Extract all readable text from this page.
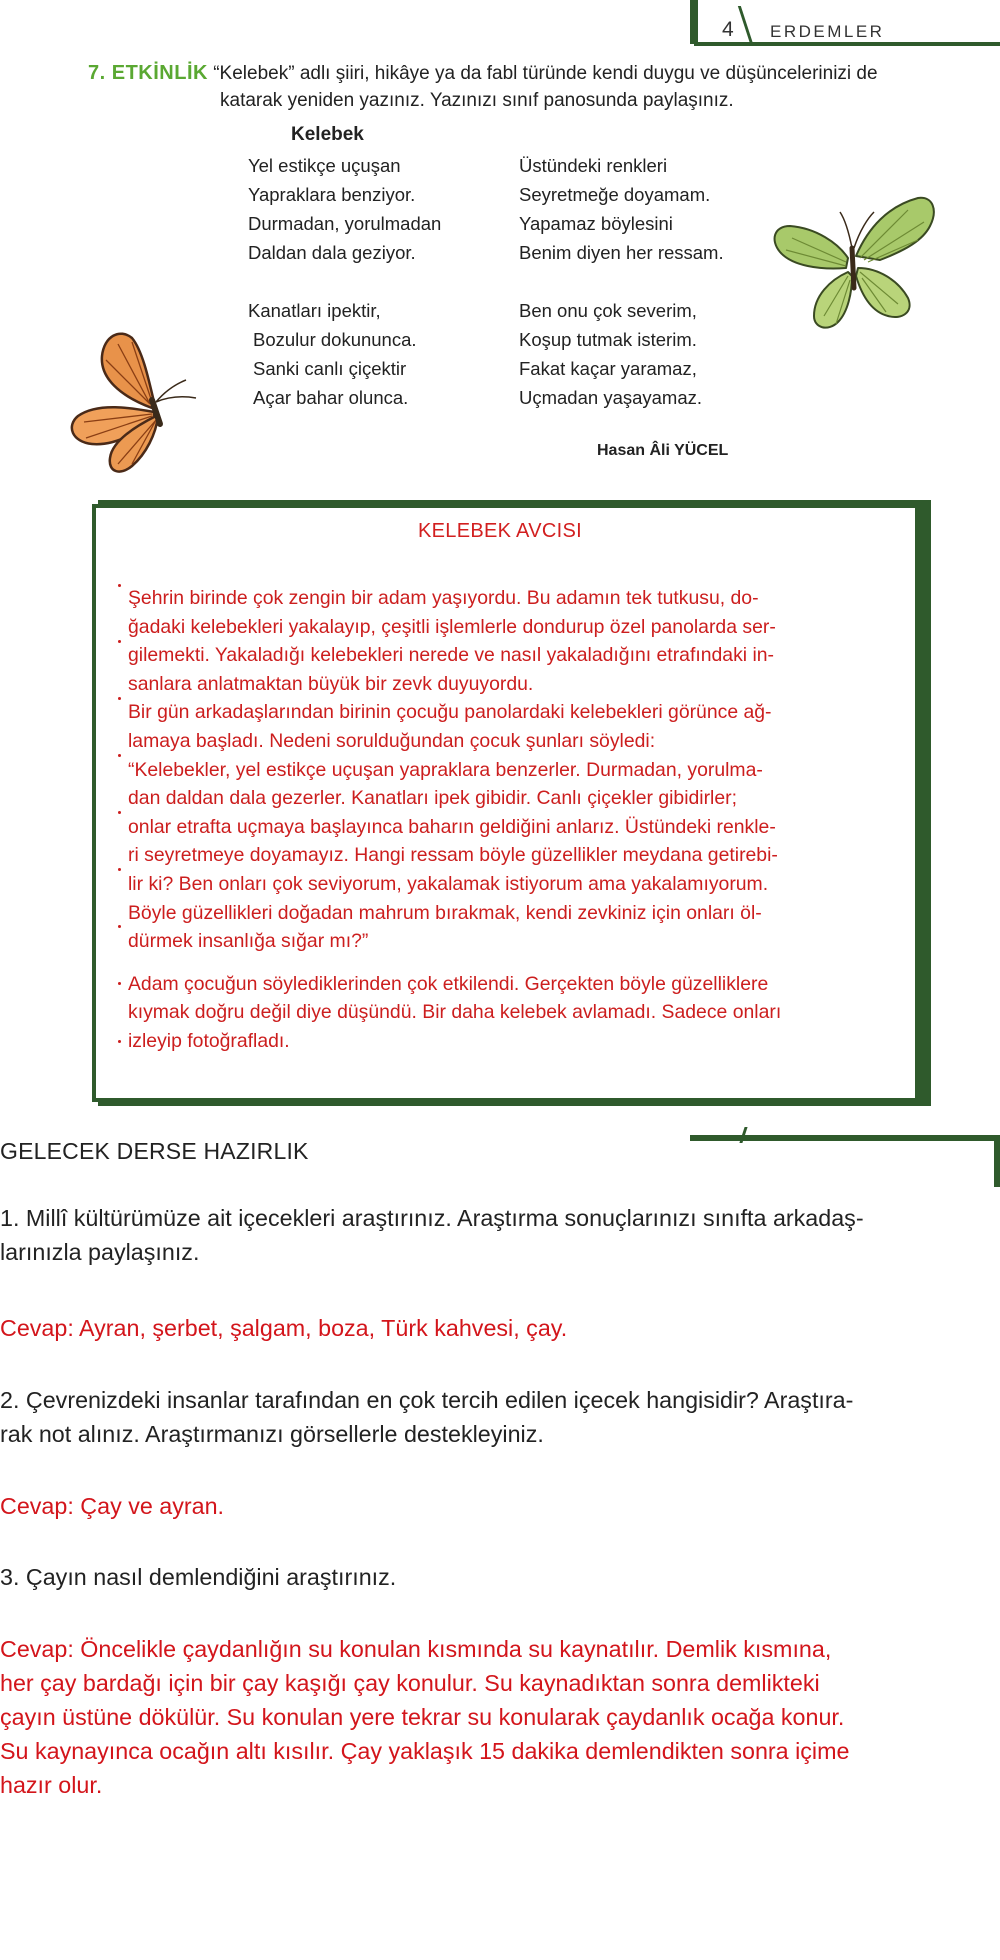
4 ERDEMLER
7. ETKİNLİK “Kelebek” adlı şiiri, hikâye ya da fabl türünde kendi duygu ve düşüncelerinizi de
katarak yeniden yazınız. Yazınızı sınıf panosunda paylaşınız.
Kelebek
Yel estikçe uçuşan
Yapraklara benziyor.
Durmadan, yorulmadan
Daldan dala geziyor.
Kanatları ipektir,
Bozulur dokununca.
Sanki canlı çiçektir
Açar bahar olunca.
Üstündeki renkleri
Seyretmeğe doyamam.
Yapamaz böylesini
Benim diyen her ressam.
Ben onu çok severim,
Koşup tutmak isterim.
Fakat kaçar yaramaz,
Uçmadan yaşayamaz.
Hasan Âli YÜCEL
KELEBEK AVCISI
Şehrin birinde çok zengin bir adam yaşıyordu. Bu adamın tek tutkusu, do-
ğadaki kelebekleri yakalayıp, çeşitli işlemlerle dondurup özel panolarda ser-
gilemekti. Yakaladığı kelebekleri nerede ve nasıl yakaladığını etrafındaki in-
sanlara anlatmaktan büyük bir zevk duyuyordu.
Bir gün arkadaşlarından birinin çocuğu panolardaki kelebekleri görünce ağ-
lamaya başladı. Nedeni sorulduğundan çocuk şunları söyledi:
“Kelebekler, yel estikçe uçuşan yapraklara benzerler. Durmadan, yorulma-
dan daldan dala gezerler. Kanatları ipek gibidir. Canlı çiçekler gibidirler;
onlar etrafta uçmaya başlayınca baharın geldiğini anlarız. Üstündeki renkle-
ri seyretmeye doyamayız. Hangi ressam böyle güzellikler meydana getirebi-
lir ki? Ben onları çok seviyorum, yakalamak istiyorum ama yakalamıyorum.
Böyle güzellikleri doğadan mahrum bırakmak, kendi zevkiniz için onları öl-
dürmek insanlığa sığar mı?”
Adam çocuğun söylediklerinden çok etkilendi. Gerçekten böyle güzelliklere
kıymak doğru değil diye düşündü. Bir daha kelebek avlamadı. Sadece onları
izleyip fotoğrafladı.
GELECEK DERSE HAZIRLIK
1. Millî kültürümüze ait içecekleri araştırınız. Araştırma sonuçlarınızı sınıfta arkadaş-
larınızla paylaşınız.
Cevap: Ayran, şerbet, şalgam, boza, Türk kahvesi, çay.
2. Çevrenizdeki insanlar tarafından en çok tercih edilen içecek hangisidir? Araştıra-
rak not alınız. Araştırmanızı görsellerle destekleyiniz.
Cevap: Çay ve ayran.
3. Çayın nasıl demlendiğini araştırınız.
Cevap: Öncelikle çaydanlığın su konulan kısmında su kaynatılır. Demlik kısmına,
her çay bardağı için bir çay kaşığı çay konulur. Su kaynadıktan sonra demlikteki
çayın üstüne dökülür. Su konulan yere tekrar su konularak çaydanlık ocağa konur.
Su kaynayınca ocağın altı kısılır. Çay yaklaşık 15 dakika demlendikten sonra içime
hazır olur.
